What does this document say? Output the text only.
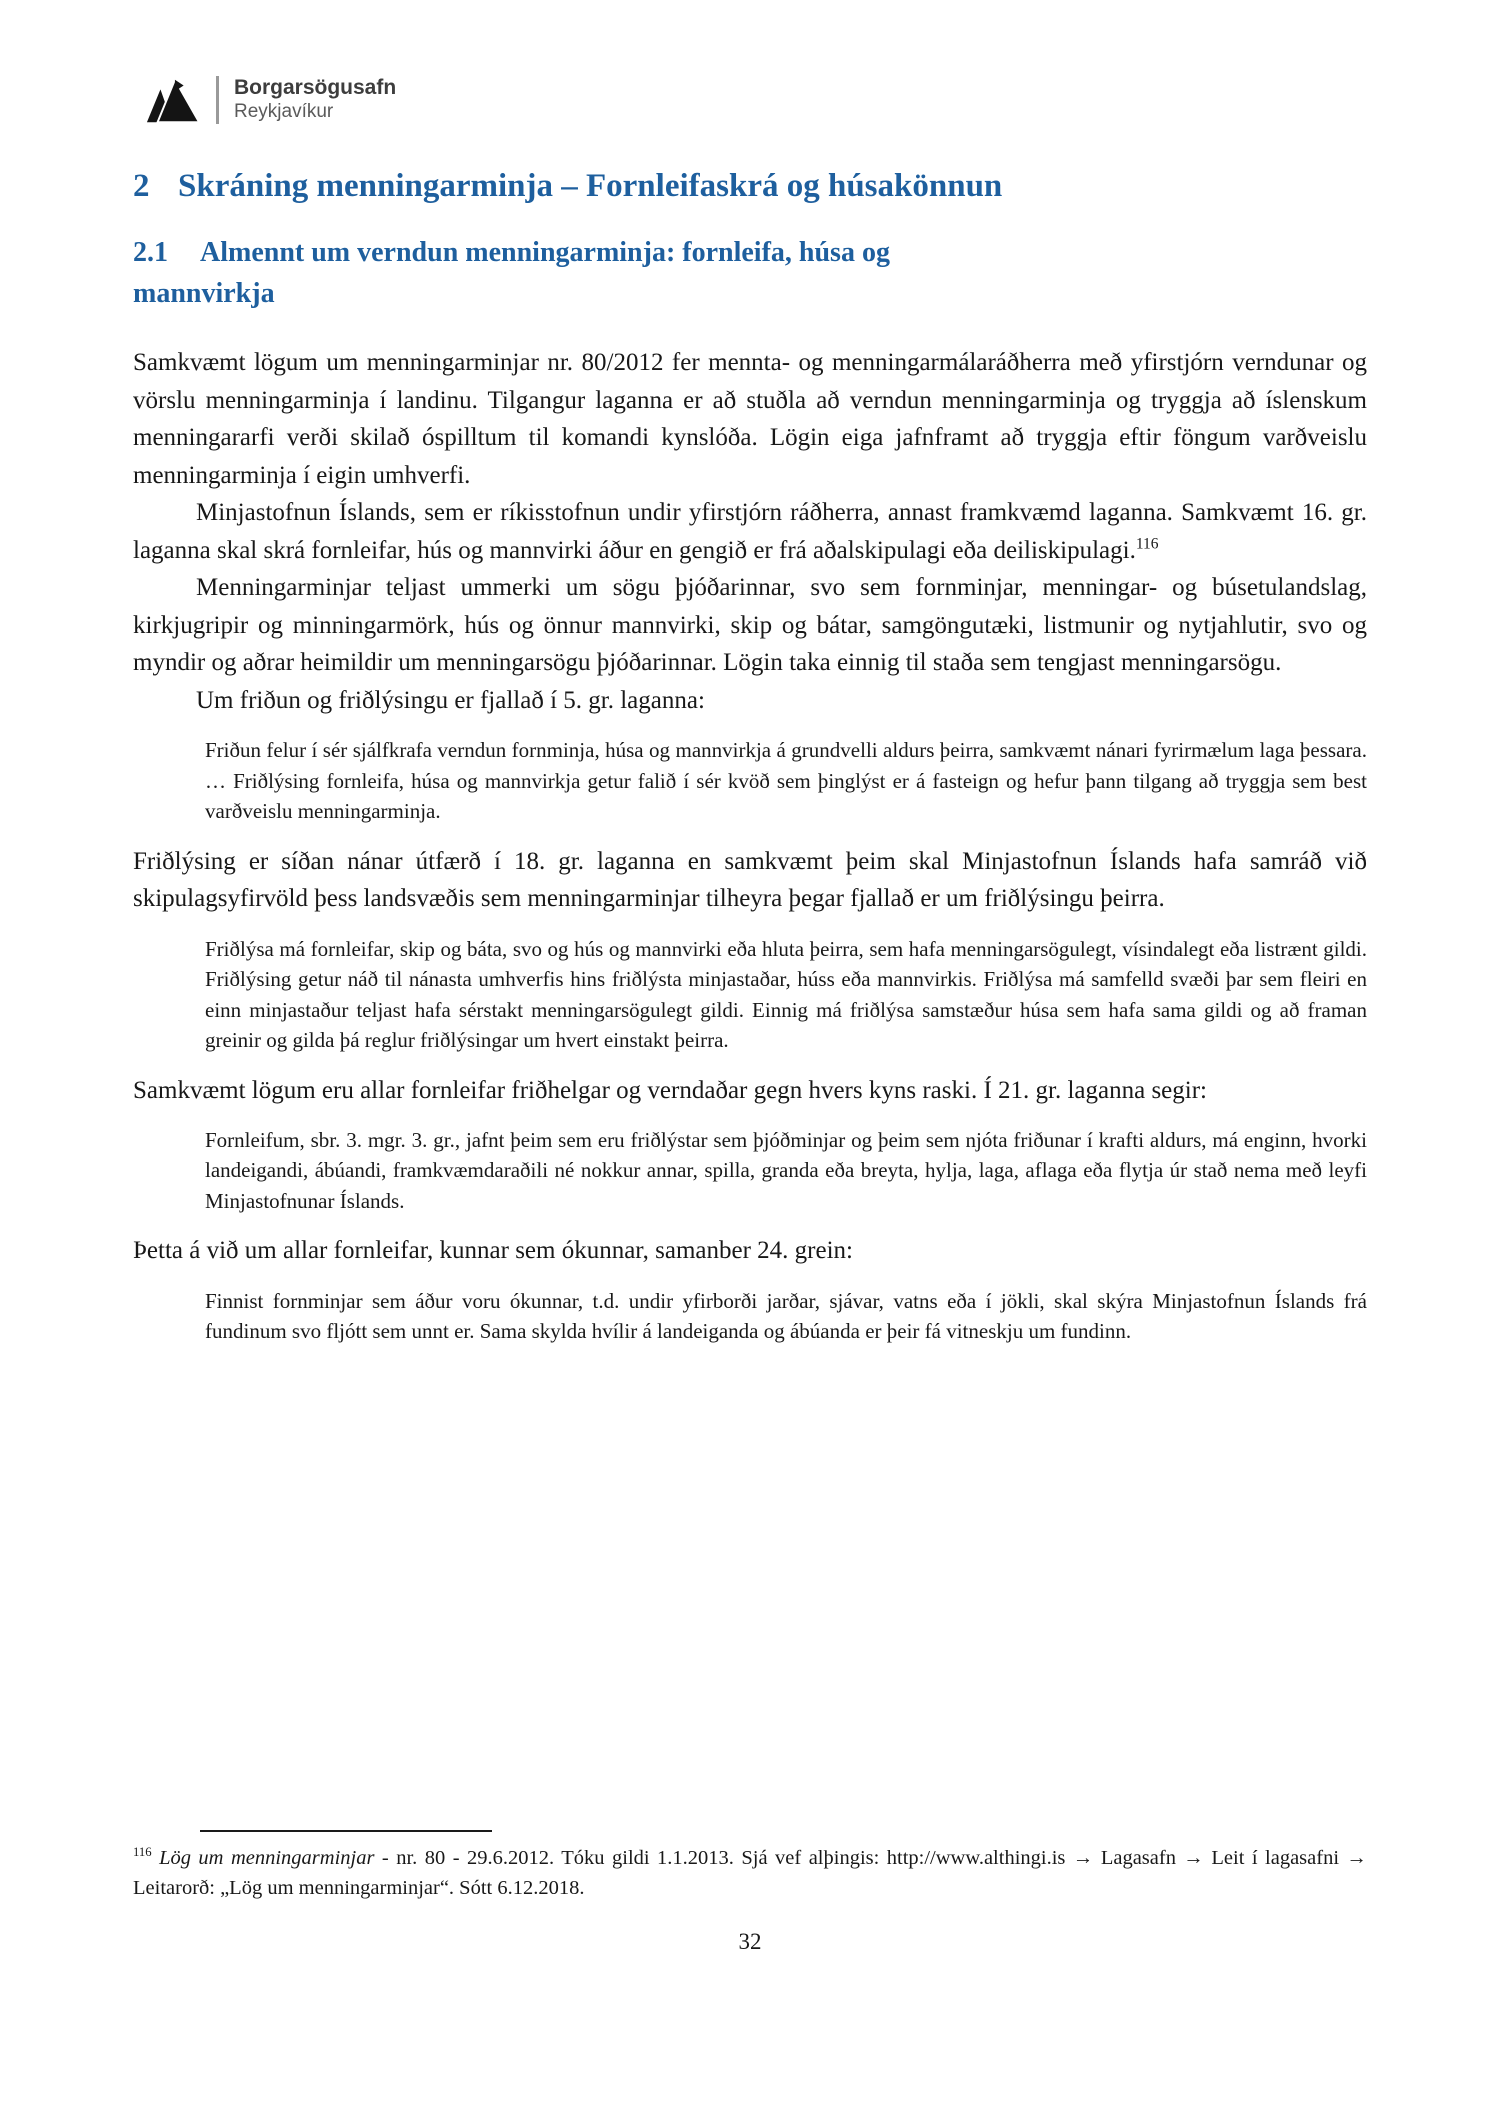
Borgarsögusafn
Reykjavíkur
2 Skráning menningarminja – Fornleifaskrá og húsakönnun
2.1 Almennt um verndun menningarminja: fornleifa, húsa og
mannvirkja

Samkvæmt lögum um menningarminjar nr. 80/2012 fer mennta- og menningarmálaráðherra með yfirstjórn verndunar og vörslu menningarminja í landinu. Tilgangur laganna er að stuðla að verndun menningarminja og tryggja að íslenskum menningararfi verði skilað óspilltum til komandi kynslóða. Lögin eiga jafnframt að tryggja eftir föngum varðveislu menningarminja í eigin umhverfi.

Minjastofnun Íslands, sem er ríkisstofnun undir yfirstjórn ráðherra, annast framkvæmd laganna. Samkvæmt 16. gr. laganna skal skrá fornleifar, hús og mannvirki áður en gengið er frá aðalskipulagi eða deiliskipulagi.$^{116}$

Menningarminjar teljast ummerki um sögu þjóðarinnar, svo sem fornminjar, menningar- og búsetulandslag, kirkjugripir og minningarmörk, hús og önnur mannvirki, skip og bátar, samgöngutæki, listmunir og nytjahlutir, svo og myndir og aðrar heimildir um menningarsögu þjóðarinnar. Lögin taka einnig til staða sem tengjast menningarsögu.

Um friðun og friðlýsingu er fjallað í 5. gr. laganna:

Friðun felur í sér sjálfkrafa verndun fornminja, húsa og mannvirkja á grundvelli aldurs þeirra, samkvæmt nánari fyrirmælum laga þessara. … Friðlýsing fornleifa, húsa og mannvirkja getur falið í sér kvöð sem þinglýst er á fasteign og hefur þann tilgang að tryggja sem best varðveislu menningarminja.

Friðlýsing er síðan nánar útfærð í 18. gr. laganna en samkvæmt þeim skal Minjastofnun Íslands hafa samráð við skipulagsyfirvöld þess landsvæðis sem menningarminjar tilheyra þegar fjallað er um friðlýsingu þeirra.

Friðlýsa má fornleifar, skip og báta, svo og hús og mannvirki eða hluta þeirra, sem hafa menningarsögulegt, vísindalegt eða listrænt gildi. Friðlýsing getur náð til nánasta umhverfis hins friðlýsta minjastaðar, húss eða mannvirkis. Friðlýsa má samfelld svæði þar sem fleiri en einn minjastaður teljast hafa sérstakt menningarsögulegt gildi. Einnig má friðlýsa samstæður húsa sem hafa sama gildi og að framan greinir og gilda þá reglur friðlýsingar um hvert einstakt þeirra.

Samkvæmt lögum eru allar fornleifar friðhelgar og verndaðar gegn hvers kyns raski. Í 21. gr. laganna segir:

Fornleifum, sbr. 3. mgr. 3. gr., jafnt þeim sem eru friðlýstar sem þjóðminjar og þeim sem njóta friðunar í krafti aldurs, má enginn, hvorki landeigandi, ábúandi, framkvæmdaraðili né nokkur annar, spilla, granda eða breyta, hylja, laga, aflaga eða flytja úr stað nema með leyfi Minjastofnunar Íslands.

Þetta á við um allar fornleifar, kunnar sem ókunnar, samanber 24. grein:

Finnist fornminjar sem áður voru ókunnar, t.d. undir yfirborði jarðar, sjávar, vatns eða í jökli, skal skýra Minjastofnun Íslands frá fundinum svo fljótt sem unnt er. Sama skylda hvílir á landeiganda og ábúanda er þeir fá vitneskju um fundinn.
$^{116}$ Lög um menningarminjar - nr. 80 - 29.6.2012. Tóku gildi 1.1.2013. Sjá vef alþingis: http://www.althingi.is → Lagasafn → Leit í lagasafni → Leitarorð: „Lög um menningarminjar“. Sótt 6.12.2018.
32
